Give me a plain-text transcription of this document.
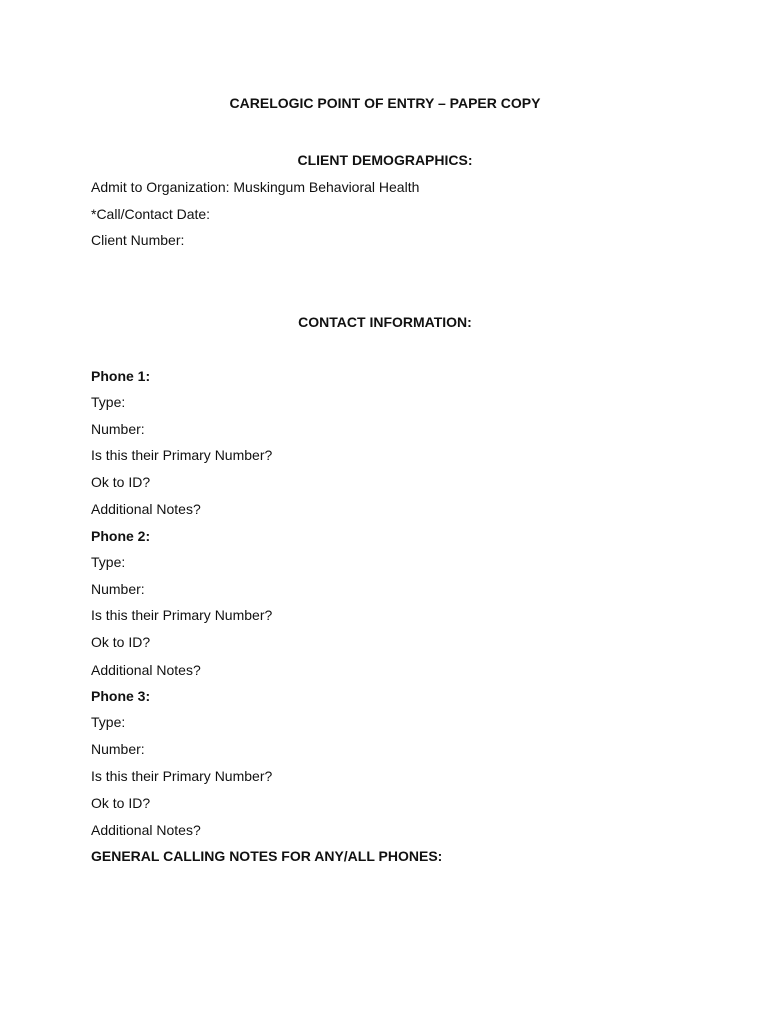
CARELOGIC POINT OF ENTRY – PAPER COPY
CLIENT DEMOGRAPHICS:
Admit to Organization: Muskingum Behavioral Health
*Call/Contact Date:
Client Number:
CONTACT INFORMATION:
Phone 1:
Type:
Number:
Is this their Primary Number?
Ok to ID?
Additional Notes?
Phone 2:
Type:
Number:
Is this their Primary Number?
Ok to ID?
Additional Notes?
Phone 3:
Type:
Number:
Is this their Primary Number?
Ok to ID?
Additional Notes?
GENERAL CALLING NOTES FOR ANY/ALL PHONES:
